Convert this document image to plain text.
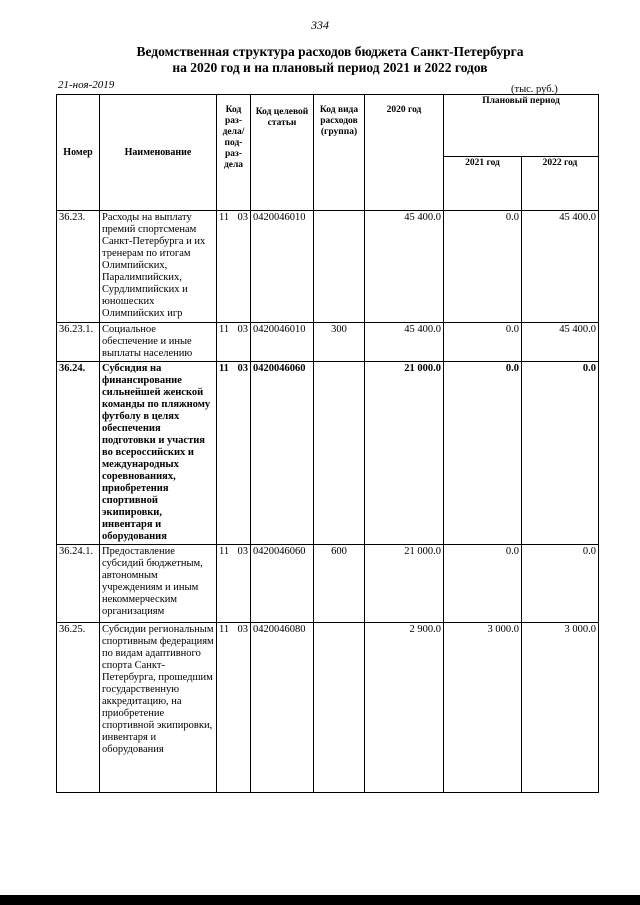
334
Ведомственная структура расходов бюджета Санкт-Петербурга
на 2020 год и на плановый период 2021 и 2022 годов
21-ноя-2019	(тыс. руб.)
Номер	Наименование	Код раз-дела/ под-раз-дела	Код целевой статьи	Код вида расходов (группа)	2020 год	Плановый период	
						2021 год	2022 год
36.23.	Расходы на выплату премий спортсменам Санкт-Петербурга и их тренерам по итогам Олимпийских, Паралимпийских, Сурдлимпийских и юношеских Олимпийских игр	11 03	0420046010		45 400.0	0.0	45 400.0
36.23.1.	Социальное обеспечение и иные выплаты населению	11 03	0420046010	300	45 400.0	0.0	45 400.0
36.24.	Субсидия на финансирование сильнейшей женской команды по пляжному футболу в целях обеспечения подготовки и участия во всероссийских и международных соревнованиях, приобретения спортивной экипировки, инвентаря и оборудования	11 03	0420046060		21 000.0	0.0	0.0
36.24.1.	Предоставление субсидий бюджетным, автономным учреждениям и иным некоммерческим организациям	11 03	0420046060	600	21 000.0	0.0	0.0
36.25.	Субсидии региональным спортивным федерациям по видам адаптивного спорта Санкт-Петербурга, прошедшим государственную аккредитацию, на приобретение спортивной экипировки, инвентаря и оборудования	11 03	0420046080		2 900.0	3 000.0	3 000.0
